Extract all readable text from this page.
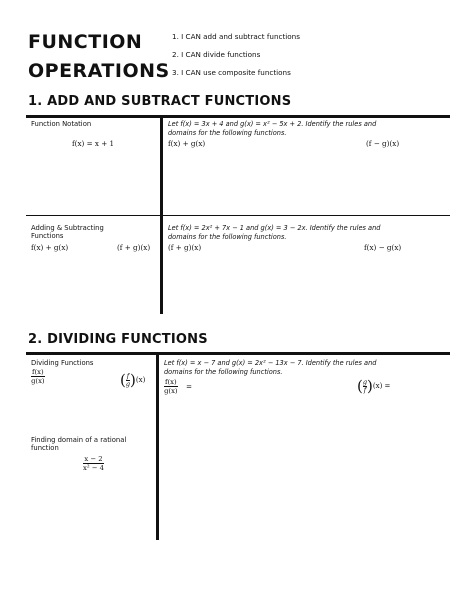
FUNCTION
OPERATIONS
1. I CAN add and subtract functions
2. I CAN divide functions
3. I CAN use composite functions
1. ADD AND SUBTRACT FUNCTIONS
Function Notation
f(x) = x + 1
Let f(x) = 3x + 4 and g(x) = x² − 5x + 2. Identify the rules and
domains for the following functions.
f(x) + g(x)	(f − g)(x)
Adding & Subtracting
Functions
f(x) + g(x)	(f + g)(x)
Let f(x) = 2x² + 7x − 1 and g(x) = 3 − 2x. Identify the rules and
domains for the following functions.
(f + g)(x)	f(x) − g(x)
2. DIVIDING FUNCTIONS
Dividing Functions
$\frac{f(x)}{g(x)}$	( $\frac{f}{g} )(x)$
Let f(x) = x − 7 and g(x) = 2x² − 13x − 7. Identify the rules and
domains for the following functions.
$\frac{f(x)}{g(x)}$ =	( $\frac{g}{f} )(x)$ =
Finding domain of a rational
function
$\frac{x - 2}{\text{x² − 4}}$
